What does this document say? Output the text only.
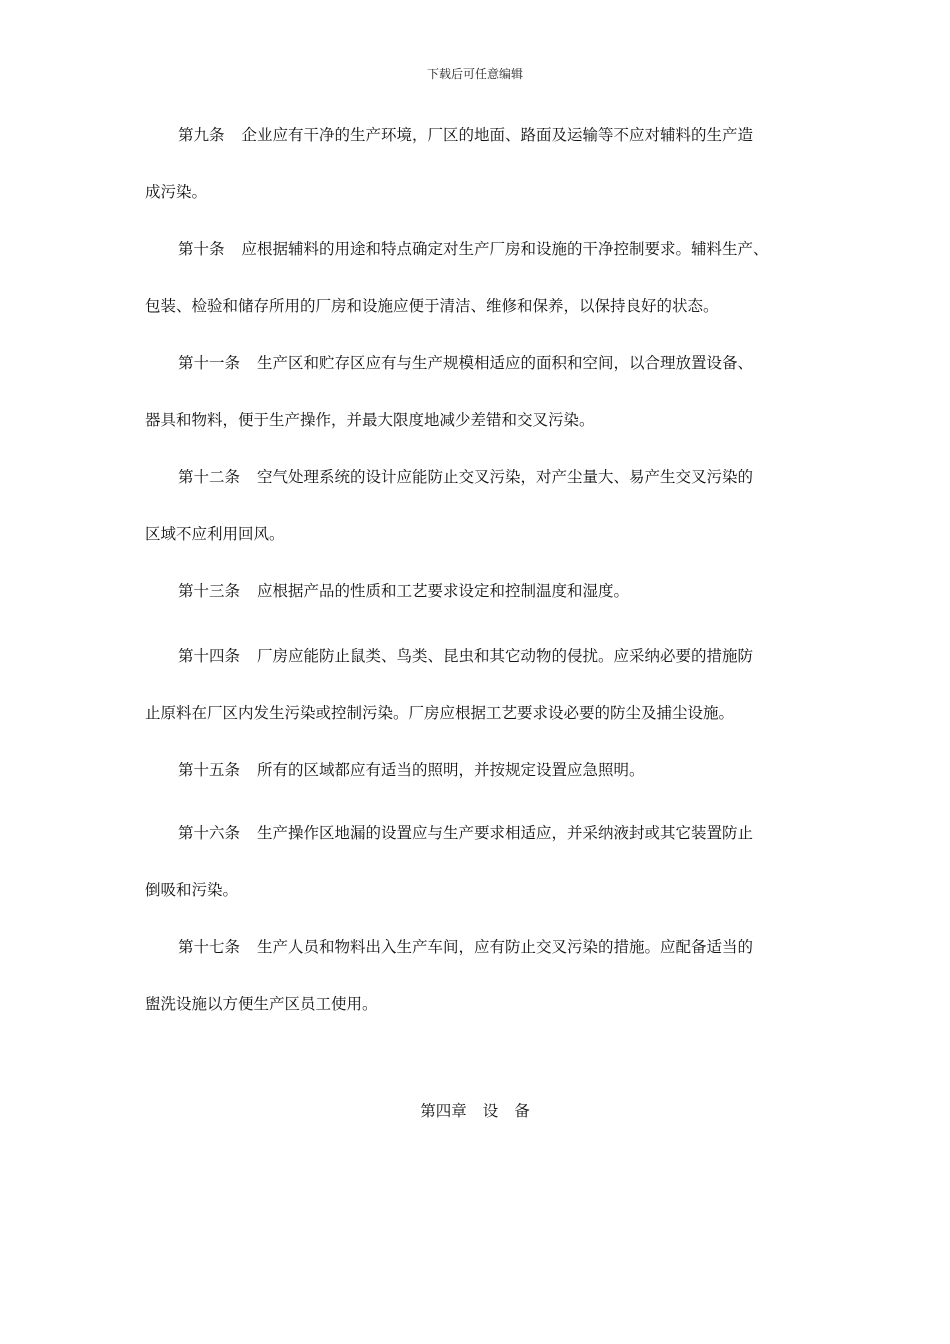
下载后可任意编辑
第九条 企业应有干净的生产环境，厂区的地面、路面及运输等不应对辅料的生产造
成污染。
第十条 应根据辅料的用途和特点确定对生产厂房和设施的干净控制要求。辅料生产、
包装、检验和储存所用的厂房和设施应便于清洁、维修和保养，以保持良好的状态。
第十一条 生产区和贮存区应有与生产规模相适应的面积和空间，以合理放置设备、
器具和物料，便于生产操作，并最大限度地减少差错和交叉污染。
第十二条 空气处理系统的设计应能防止交叉污染，对产尘量大、易产生交叉污染的
区域不应利用回风。
第十三条 应根据产品的性质和工艺要求设定和控制温度和湿度。
第十四条 厂房应能防止鼠类、鸟类、昆虫和其它动物的侵扰。应采纳必要的措施防
止原料在厂区内发生污染或控制污染。厂房应根据工艺要求设必要的防尘及捕尘设施。
第十五条 所有的区域都应有适当的照明，并按规定设置应急照明。
第十六条 生产操作区地漏的设置应与生产要求相适应，并采纳液封或其它装置防止
倒吸和污染。
第十七条 生产人员和物料出入生产车间，应有防止交叉污染的措施。应配备适当的
盥洗设施以方便生产区员工使用。
第四章 设备
